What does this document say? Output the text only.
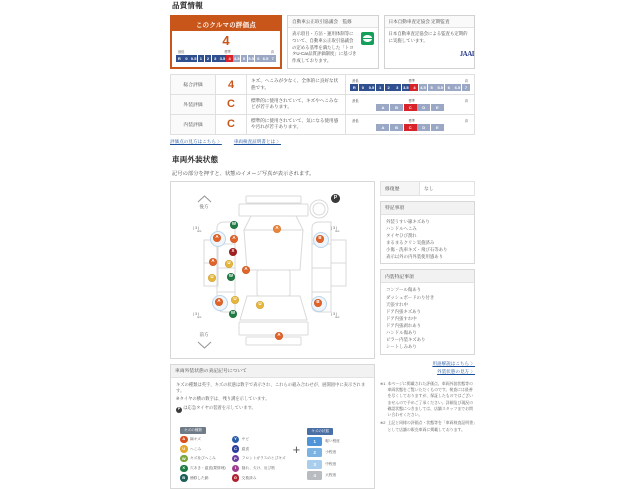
品質情報
このクルマの評価点
4
最低	標準	高
R	0 0.5 1	2	3 3.5 4 4.5 5 5.5 6 6.5 7
自動車公正取引協議会　監修

表示項目・方法・運用体制等について、自動車公正取引協議会の定める基準を満たした「トヨタU-Car品質評価制度」に基づき作成しております。

日本自動車査定協会 定期監査

日本自動車査定協会による監査も定期的に実施しています。

JAAI
総合評価	4	キズ、へこみが少なく、全体的に良好な状態です。	
最低	標準	高
R	0	0.5	1	2	3	3.5	4	4.5	5	5.5	6	6.5	7

外装評価	C	標準的に使用されていて、キズやへこみなどが若干あります。	
最低	標準	高
A	B	C	D	E

内装評価	C	標準的に使用されていて、気になる使用感や汚れが若干あります。	
最低	標準	高
A	B	C	D	E
評価点の見方はこちら 〉	車両検査証明書とは 〉
車両外装状態
記号の部分を押すと、状態のイメージ写真が表示されます。
後方
前方
P
A
W
A
A
B
X
A	U
U	W
A
A	U
W
U	B
A
( 3 )
mm
( 3 )
mm
( 3 )
mm
( 3 )
mm
修復歴	なし
特記事項
外装うすい線キズあり
ハンドルへこみ
タイヤひび割れ
まるまるクリン実施済み
小傷・洗車キズ・飛び石等あり
表示以外の内外装使用感あり
内装特記事項
コンソール傷あり
ダッシュボードのり付き
天張すれ中
ドア内張キズあり
ドア内張すれ中
ドア内張剥れあり
ハンドル傷あり
ピラー内装キズあり
シートしみあり
車両外装状態の表記記号について

キズの種類は英字、キズの状態は数字で表示され、これらの組み合わせが、展開図中に表示されます。

※タイヤの横の数字は、残り溝を示しています。

P は応急タイヤの装着を示しています。

キズの種類
A	線キズ
U	へこみ
W	キズ及びヘこみ
X	穴あき・腐食(要修理)
B	補修した跡
Y	サビ
C	腐食
P	フロントガラスのとびキズ
I	割れ、欠け、及び筋
G	交換済み
+
キズの状態
1	軽い程度
2	小程度
3	中程度
4	大程度
用語解説はこちら 〉
外装状態の見方 〉

※1 本ページに掲載された評価点、車両外装状態等の車両状態をご覧いただくものです。検査には最善を尽くしておりますが、保証したものではございませんので予めご了承ください。詳細及び現況の確認状態につきましては、店舗スタッフまでお問い合わせください。
※2 上記と同様の評価点・状態等を「車両検査証明書」として店舗の販売車両に掲載しております。
